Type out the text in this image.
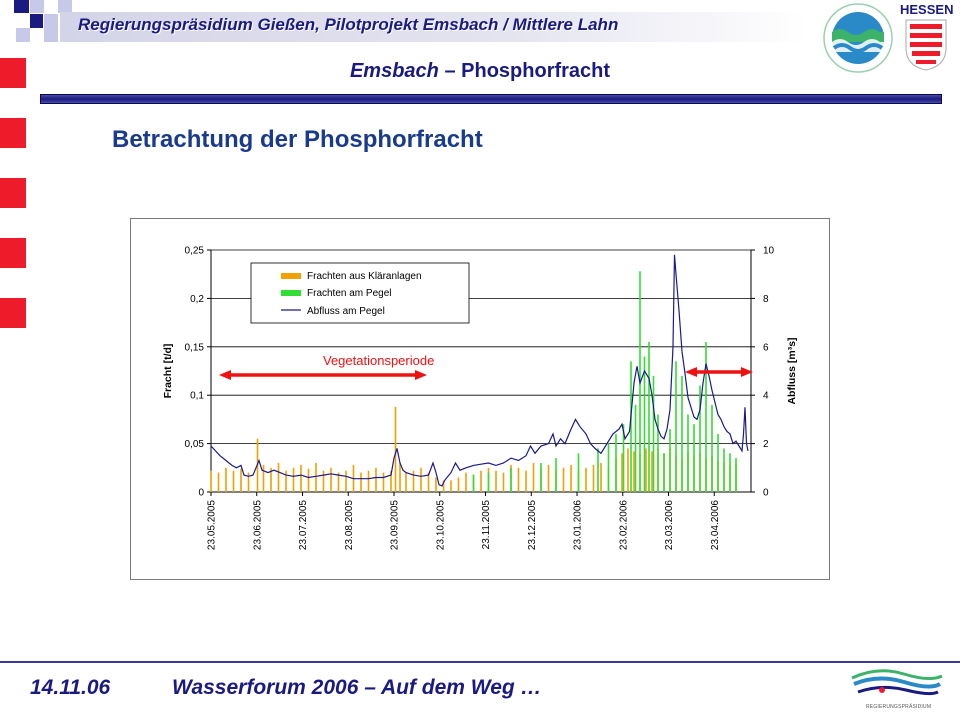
Regierungspräsidium Gießen, Pilotprojekt Emsbach / Mittlere Lahn
HESSEN
Emsbach – Phosphorfracht
Betrachtung der Phosphorfracht
0
0,05
0,1
0,15
0,2
0,25
0
2
4
6
8
10
23.05.2005	23.06.2005	23.07.2005	23.08.2005	23.09.2005	23.10.2005	23.11.2005	23.12.2005	23.01.2006	23.02.2006	23.03.2006	23.04.2006
Fracht [t/d]	Abfluss [m³s]
Frachten aus Kläranlagen
Frachten am Pegel
Abfluss am Pegel
Vegetationsperiode
14.11.06	Wasserforum 2006 – Auf dem Weg …
REGIERUNGSPRÄSIDIUM
